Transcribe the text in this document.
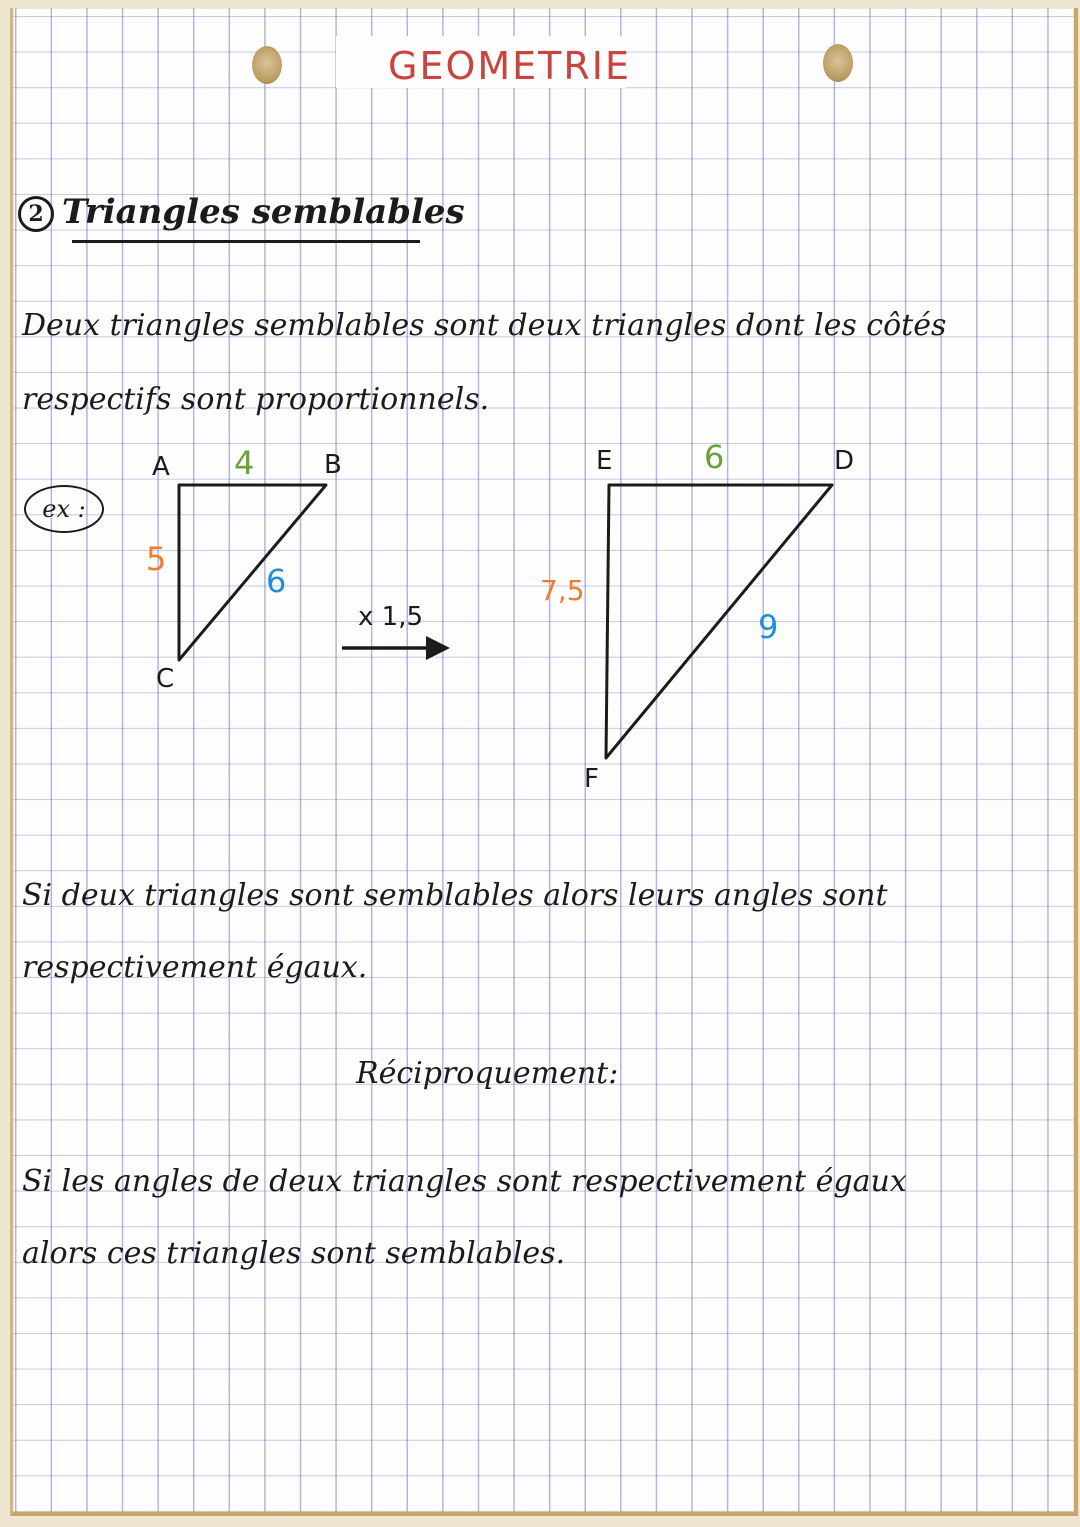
GEOMETRIE
2 Triangles semblables
Deux triangles semblables sont deux triangles dont les côtés
respectifs sont proportionnels.
ex :
A	B
C
4
5
6
x 1,5
E	D
F
6
7,5
9
Si deux triangles sont semblables alors leurs angles sont
respectivement égaux.
Réciproquement:
Si les angles de deux triangles sont respectivement égaux
alors ces triangles sont semblables.
